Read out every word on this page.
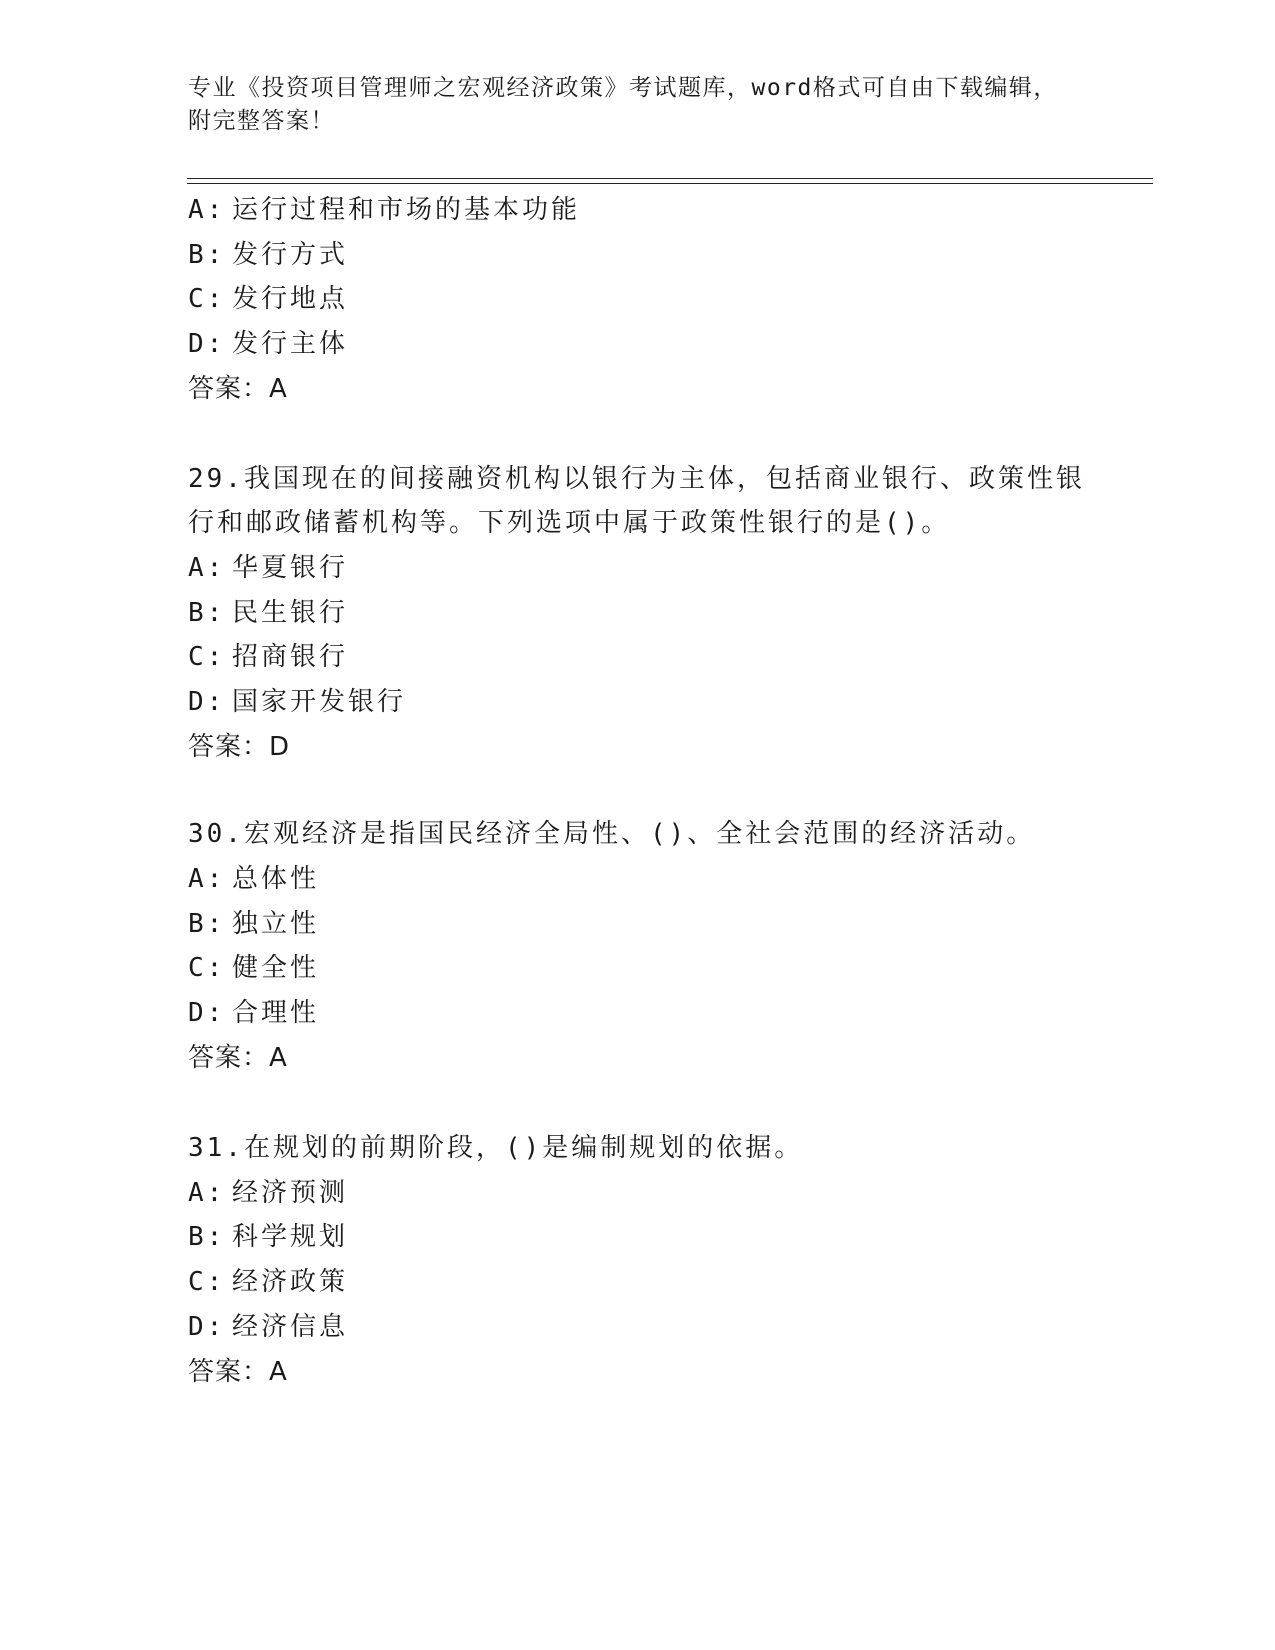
专业《投资项目管理师之宏观经济政策》考试题库，word格式可自由下载编辑，
附完整答案！
A: 运行过程和市场的基本功能
B: 发行方式
C: 发行地点
D: 发行主体
答案：A
29.我国现在的间接融资机构以银行为主体，包括商业银行、政策性银
行和邮政储蓄机构等。下列选项中属于政策性银行的是()。
A: 华夏银行
B: 民生银行
C: 招商银行
D: 国家开发银行
答案：D
30.宏观经济是指国民经济全局性、()、全社会范围的经济活动。
A: 总体性
B: 独立性
C: 健全性
D: 合理性
答案：A
31.在规划的前期阶段，()是编制规划的依据。
A: 经济预测
B: 科学规划
C: 经济政策
D: 经济信息
答案：A
